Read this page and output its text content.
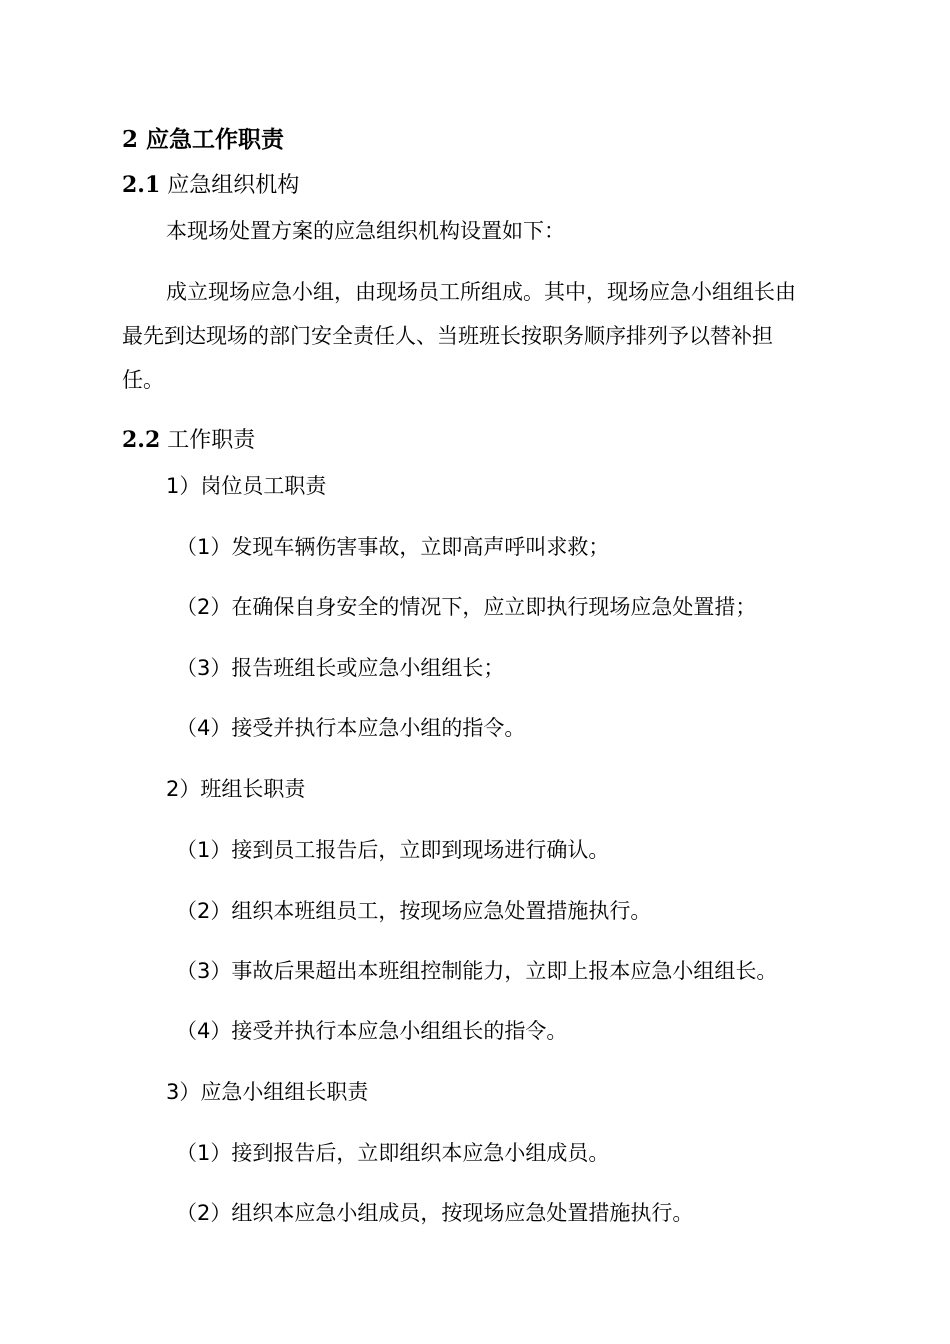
2 应急工作职责
2.1 应急组织机构
本现场处置方案的应急组织机构设置如下：
成立现场应急小组，由现场员工所组成。其中，现场应急小组组长由
最先到达现场的部门安全责任人、当班班长按职务顺序排列予以替补担
任。
2.2 工作职责
1）岗位员工职责
（1）发现车辆伤害事故，立即高声呼叫求救；
（2）在确保自身安全的情况下，应立即执行现场应急处置措；
（3）报告班组长或应急小组组长；
（4）接受并执行本应急小组的指令。
2）班组长职责
（1）接到员工报告后，立即到现场进行确认。
（2）组织本班组员工，按现场应急处置措施执行。
（3）事故后果超出本班组控制能力，立即上报本应急小组组长。
（4）接受并执行本应急小组组长的指令。
3）应急小组组长职责
（1）接到报告后，立即组织本应急小组成员。
（2）组织本应急小组成员，按现场应急处置措施执行。
